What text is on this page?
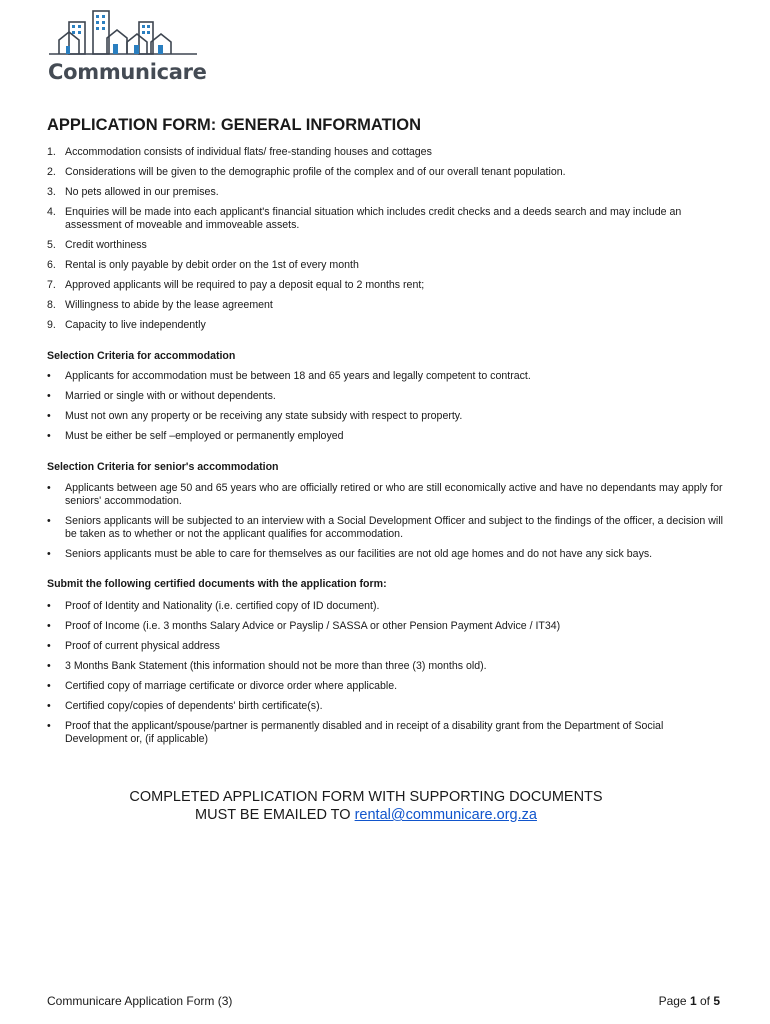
Communicare
APPLICATION FORM: GENERAL INFORMATION
1. Accommodation consists of individual flats/ free-standing houses and cottages
2. Considerations will be given to the demographic profile of the complex and of our overall tenant population.
3. No pets allowed in our premises.
4. Enquiries will be made into each applicant's financial situation which includes credit checks and a deeds search and may include an assessment of moveable and immoveable assets.
5. Credit worthiness
6. Rental is only payable by debit order on the 1st of every month
7. Approved applicants will be required to pay a deposit equal to 2 months rent;
8. Willingness to abide by the lease agreement
9. Capacity to live independently
Selection Criteria for accommodation
• Applicants for accommodation must be between 18 and 65 years and legally competent to contract.
• Married or single with or without dependents.
• Must not own any property or be receiving any state subsidy with respect to property.
• Must be either be self –employed or permanently employed
Selection Criteria for senior's accommodation
• Applicants between age 50 and 65 years who are officially retired or who are still economically active and have no dependants may apply for seniors' accommodation.
• Seniors applicants will be subjected to an interview with a Social Development Officer and subject to the findings of the officer, a decision will be taken as to whether or not the applicant qualifies for accommodation.
• Seniors applicants must be able to care for themselves as our facilities are not old age homes and do not have any sick bays.
Submit the following certified documents with the application form:
• Proof of Identity and Nationality (i.e. certified copy of ID document).
• Proof of Income (i.e. 3 months Salary Advice or Payslip / SASSA or other Pension Payment Advice / IT34)
• Proof of current physical address
• 3 Months Bank Statement (this information should not be more than three (3) months old).
• Certified copy of marriage certificate or divorce order where applicable.
• Certified copy/copies of dependents' birth certificate(s).
• Proof that the applicant/spouse/partner is permanently disabled and in receipt of a disability grant from the Department of Social Development or, (if applicable)
COMPLETED APPLICATION FORM WITH SUPPORTING DOCUMENTS
MUST BE EMAILED TO rental@communicare.org.za
Communicare Application Form (3)	Page 1 of 5
